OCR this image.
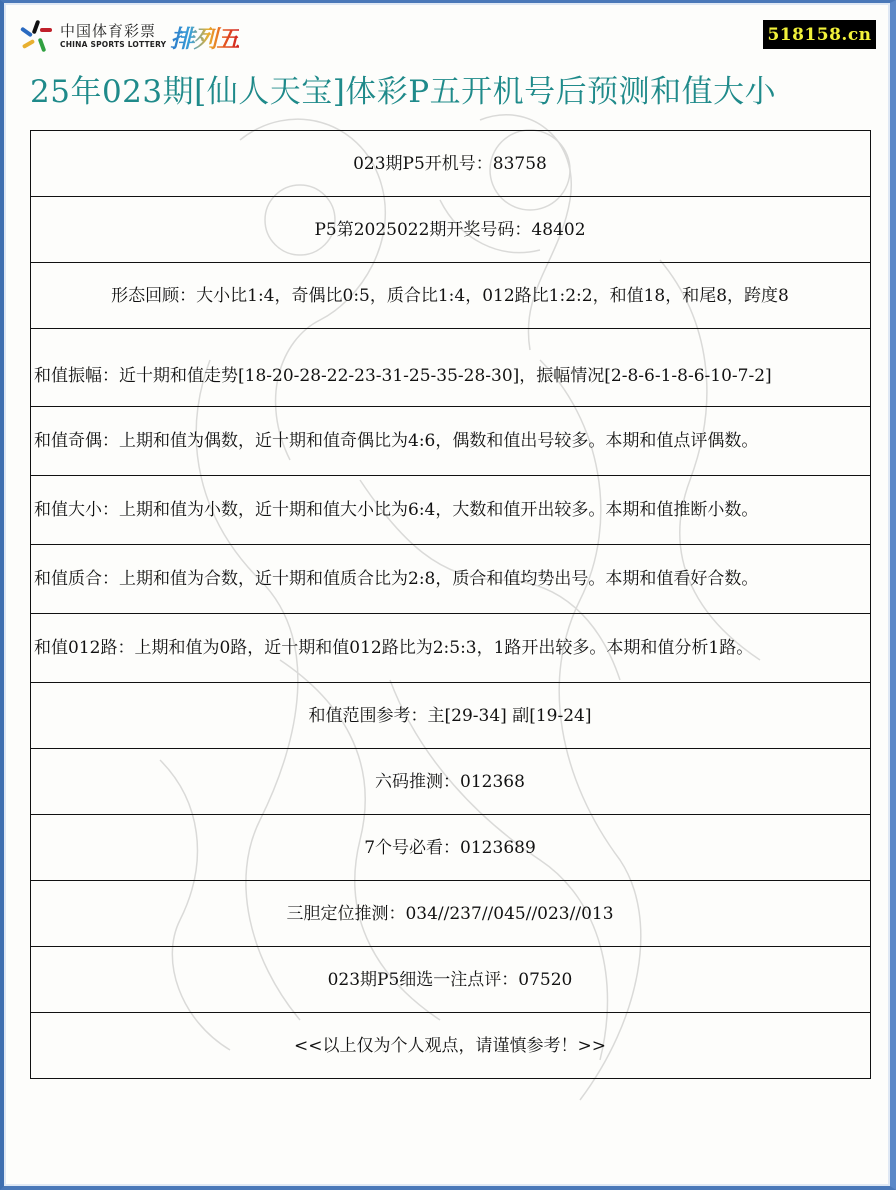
中国体育彩票
CHINA SPORTS LOTTERY 排列五	518158.cn
25年023期[仙人天宝]体彩P五开机号后预测和值大小
023期P5开机号：83758
P5第2025022期开奖号码：48402
形态回顾：大小比1:4，奇偶比0:5，质合比1:4，012路比1:2:2，和值18，和尾8，跨度8
和值振幅：近十期和值走势[18-20-28-22-23-31-25-35-28-30]，振幅情况[2-8-6-1-8-6-10-7-2]
和值奇偶：上期和值为偶数，近十期和值奇偶比为4:6，偶数和值出号较多。本期和值点评偶数。
和值大小：上期和值为小数，近十期和值大小比为6:4，大数和值开出较多。本期和值推断小数。
和值质合：上期和值为合数，近十期和值质合比为2:8，质合和值均势出号。本期和值看好合数。
和值012路：上期和值为0路，近十期和值012路比为2:5:3，1路开出较多。本期和值分析1路。
和值范围参考：主[29-34] 副[19-24]
六码推测：012368
7个号必看：0123689
三胆定位推测：034//237//045//023//013
023期P5细选一注点评：07520
<<以上仅为个人观点，请谨慎参考！>>
